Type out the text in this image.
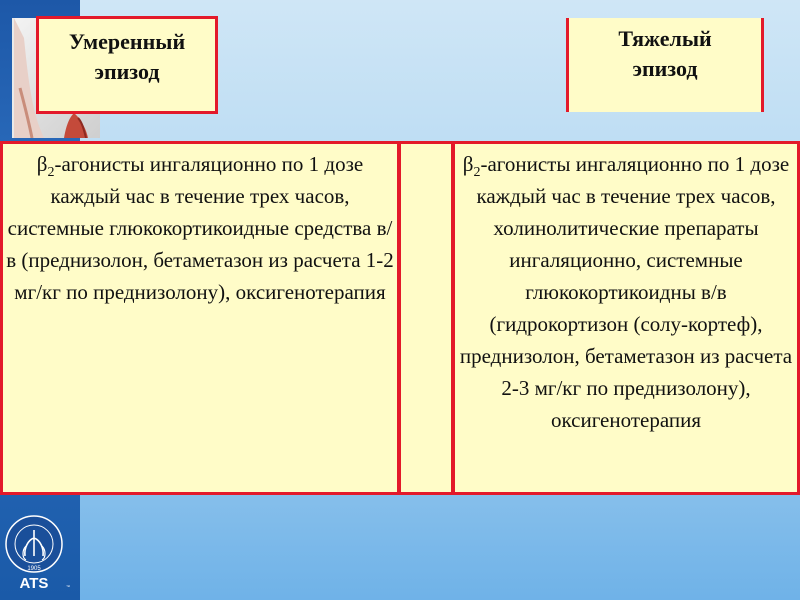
1905
ATS	™
Умеренный
эпизод
Тяжелый
эпизод
$\beta_2$-агонисты ингаляционно по 1 дозе каждый час в течение трех часов, системные глюкокортикоидные средства в/в (преднизолон, бетаметазон из расчета 1-2 мг/кг по преднизолону), оксигенотерапия
$\beta_2$-агонисты ингаляционно по 1 дозе каждый час в течение трех часов, холинолитические препараты ингаляционно, системные глюкокортикоидны в/в (гидрокортизон (солу-кортеф), преднизолон, бетаметазон из расчета 2-3 мг/кг по преднизолону), оксигенотерапия
